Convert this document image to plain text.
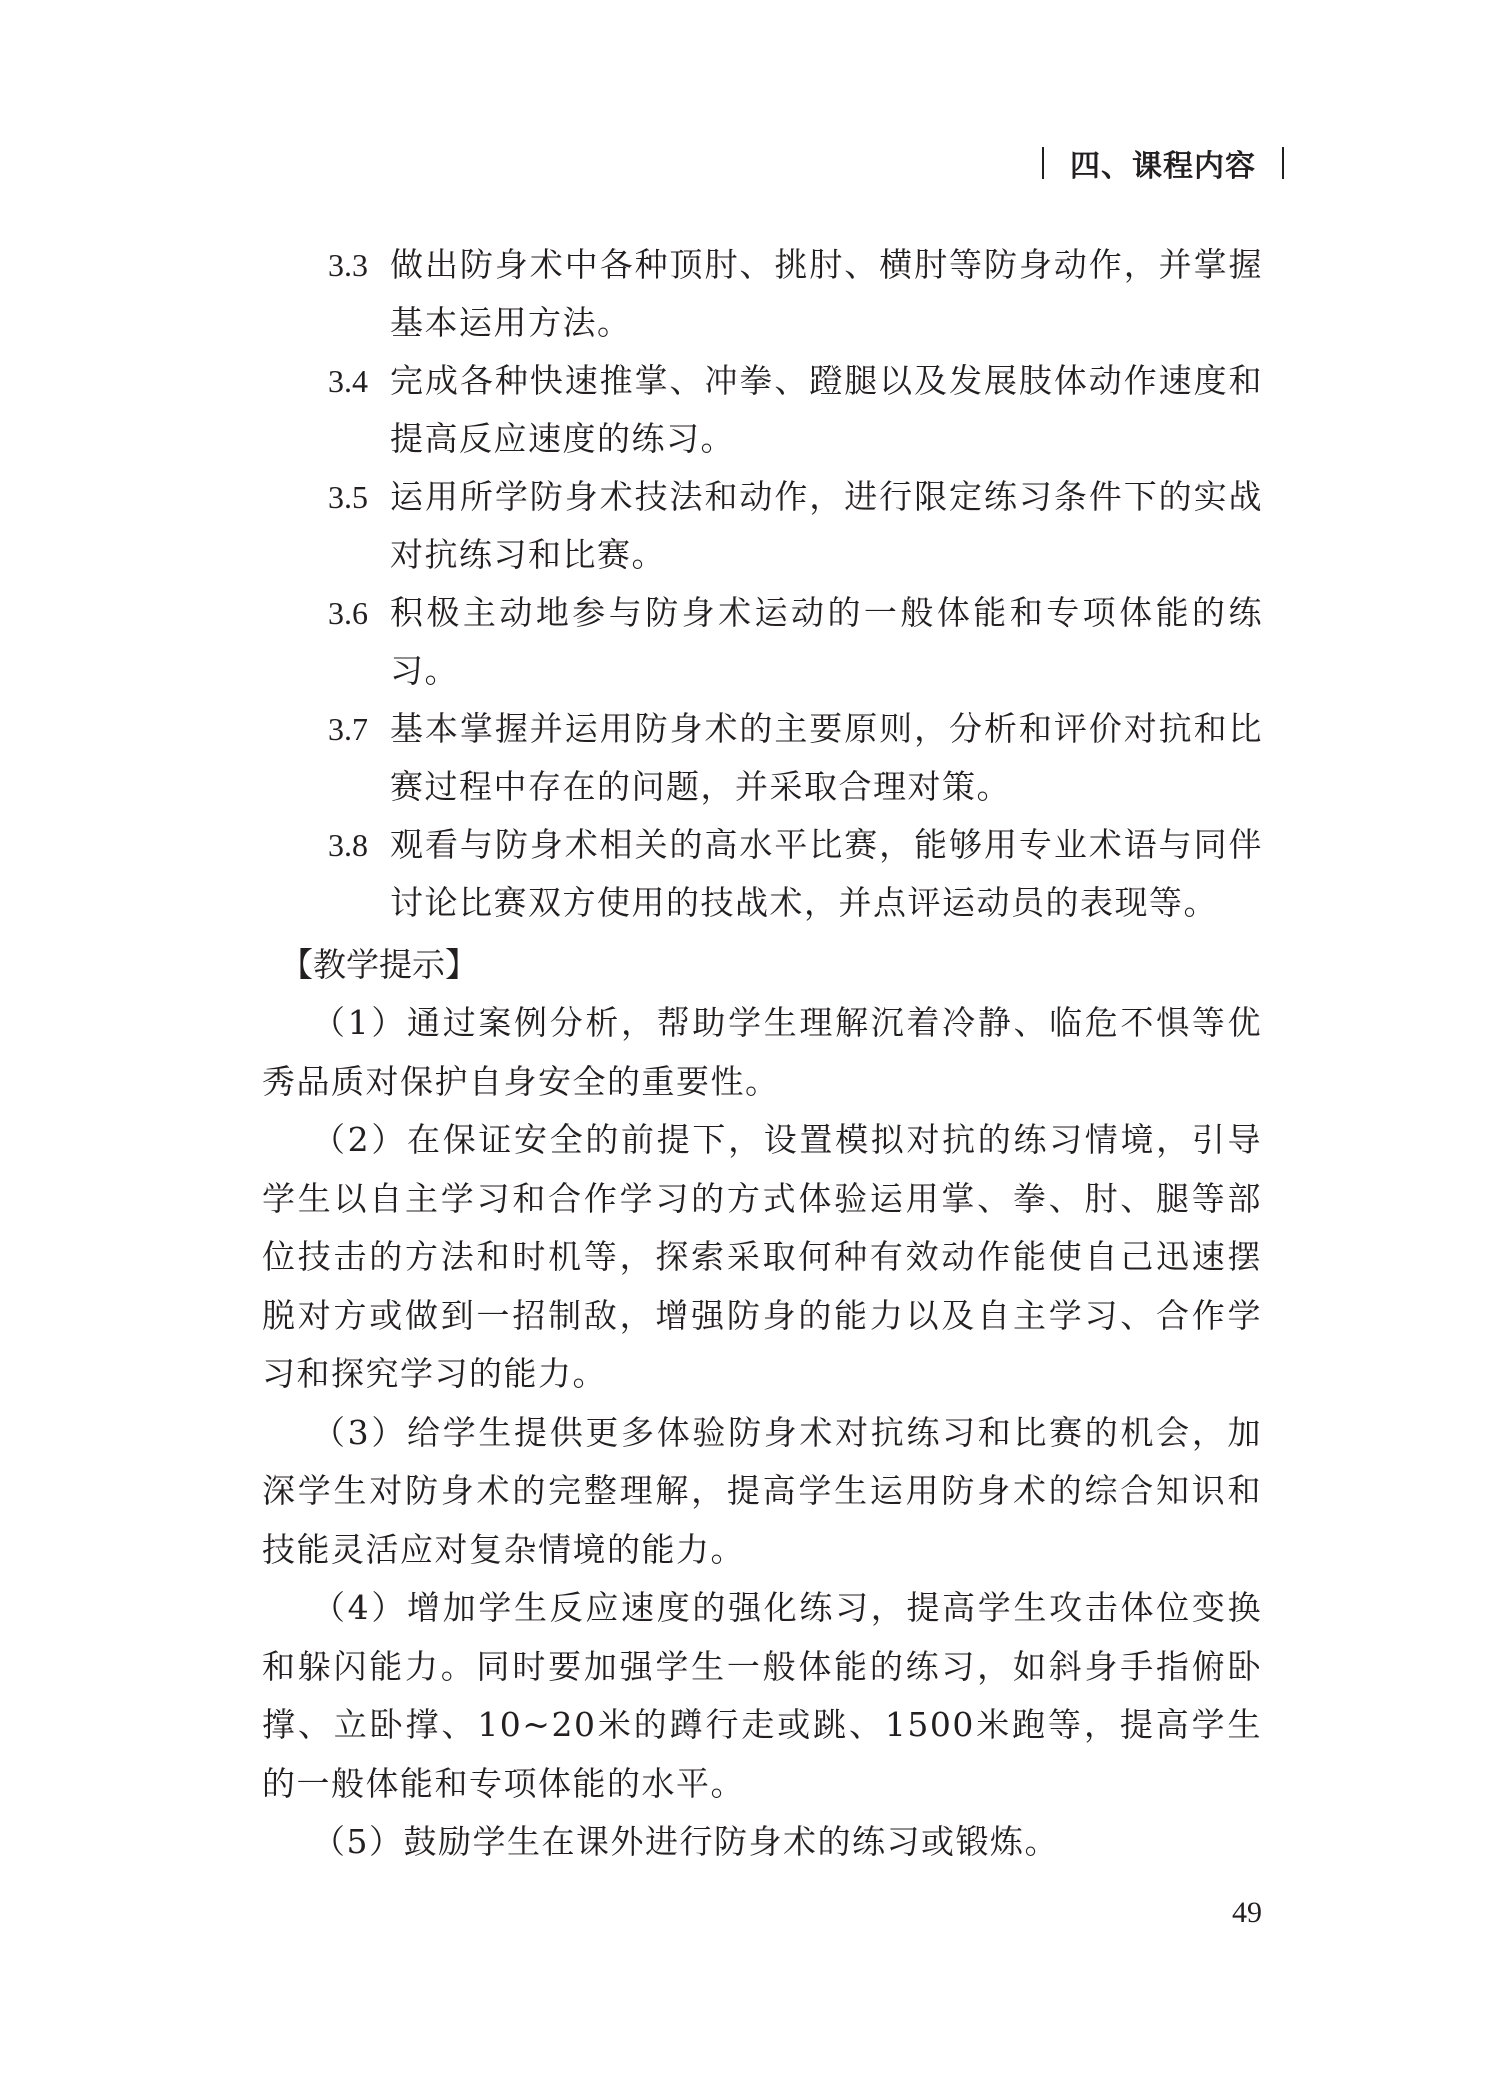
四、课程内容
3.3 做出防身术中各种顶肘、挑肘、横肘等防身动作，并掌握基本运用方法。
3.4 完成各种快速推掌、冲拳、蹬腿以及发展肢体动作速度和提高反应速度的练习。
3.5 运用所学防身术技法和动作，进行限定练习条件下的实战对抗练习和比赛。
3.6 积极主动地参与防身术运动的一般体能和专项体能的练习。
3.7 基本掌握并运用防身术的主要原则，分析和评价对抗和比赛过程中存在的问题，并采取合理对策。
3.8 观看与防身术相关的高水平比赛，能够用专业术语与同伴讨论比赛双方使用的技战术，并点评运动员的表现等。
【教学提示】

（1）通过案例分析，帮助学生理解沉着冷静、临危不惧等优秀品质对保护自身安全的重要性。

（2）在保证安全的前提下，设置模拟对抗的练习情境，引导学生以自主学习和合作学习的方式体验运用掌、拳、肘、腿等部位技击的方法和时机等，探索采取何种有效动作能使自己迅速摆脱对方或做到一招制敌，增强防身的能力以及自主学习、合作学习和探究学习的能力。

（3）给学生提供更多体验防身术对抗练习和比赛的机会，加深学生对防身术的完整理解，提高学生运用防身术的综合知识和技能灵活应对复杂情境的能力。

（4）增加学生反应速度的强化练习，提高学生攻击体位变换和躲闪能力。同时要加强学生一般体能的练习，如斜身手指俯卧撑、立卧撑、10~20米的蹲行走或跳、1500米跑等，提高学生的一般体能和专项体能的水平。

（5）鼓励学生在课外进行防身术的练习或锻炼。

49
